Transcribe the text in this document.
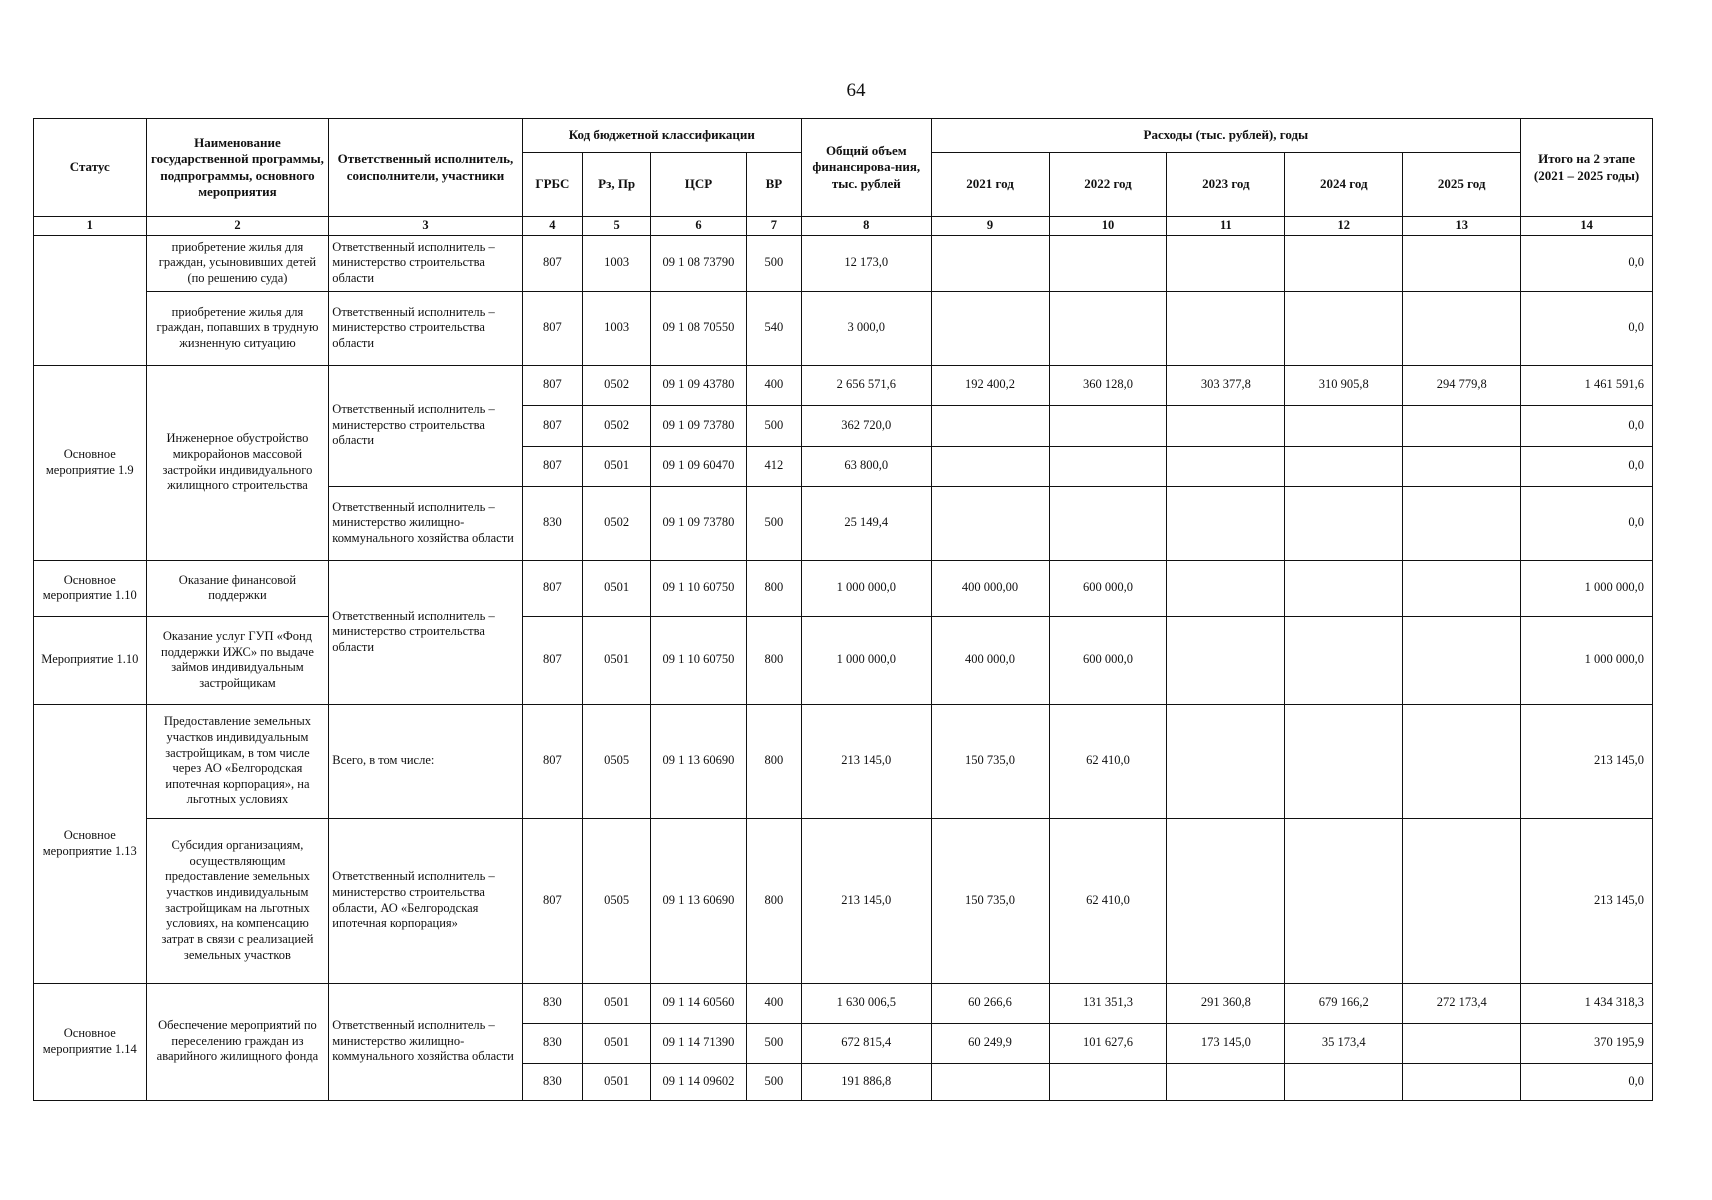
64
Статус	Наименование государственной программы, подпрограммы, основного мероприятия	Ответственный исполнитель, соисполнители, участники	Код бюджетной классификации				Общий объем финансирова-ния, тыс. рублей	Расходы (тыс. рублей), годы					Итого на 2 этапе (2021 – 2025 годы)
			ГРБС	Рз, Пр	ЦСР	ВР		2021 год	2022 год	2023 год	2024 год	2025 год	
1	2	3	4	5	6	7	8	9	10	11	12	13	14
	приобретение жилья для граждан, усыновивших детей (по решению суда)	Ответственный исполнитель – министерство строительства области	807	1003	09 1 08 73790	500	12 173,0						0,0
	приобретение жилья для граждан, попавших в трудную жизненную ситуацию	Ответственный исполнитель – министерство строительства области	807	1003	09 1 08 70550	540	3 000,0						0,0
Основное мероприятие 1.9	Инженерное обустройство микрорайонов массовой застройки индивидуального жилищного строительства	Ответственный исполнитель – министерство строительства области	807	0502	09 1 09 43780	400	2 656 571,6	192 400,2	360 128,0	303 377,8	310 905,8	294 779,8	1 461 591,6
			807	0502	09 1 09 73780	500	362 720,0						0,0
			807	0501	09 1 09 60470	412	63 800,0						0,0
		Ответственный исполнитель – министерство жилищно-коммунального хозяйства области	830	0502	09 1 09 73780	500	25 149,4						0,0
Основное мероприятие 1.10	Оказание финансовой поддержки	Ответственный исполнитель – министерство строительства области	807	0501	09 1 10 60750	800	1 000 000,0	400 000,00	600 000,0				1 000 000,0
Мероприятие 1.10	Оказание услуг ГУП «Фонд поддержки ИЖС» по выдаче займов индивидуальным застройщикам		807	0501	09 1 10 60750	800	1 000 000,0	400 000,0	600 000,0				1 000 000,0
Основное мероприятие 1.13	Предоставление земельных участков индивидуальным застройщикам, в том числе через АО «Белгородская ипотечная корпорация», на льготных условиях	Всего, в том числе:	807	0505	09 1 13 60690	800	213 145,0	150 735,0	62 410,0				213 145,0
	Субсидия организациям, осуществляющим предоставление земельных участков индивидуальным застройщикам на льготных условиях, на компенсацию затрат в связи с реализацией земельных участков	Ответственный исполнитель – министерство строительства области, АО «Белгородская ипотечная корпорация»	807	0505	09 1 13 60690	800	213 145,0	150 735,0	62 410,0				213 145,0
Основное мероприятие 1.14	Обеспечение мероприятий по переселению граждан из аварийного жилищного фонда	Ответственный исполнитель – министерство жилищно-коммунального хозяйства области	830	0501	09 1 14 60560	400	1 630 006,5	60 266,6	131 351,3	291 360,8	679 166,2	272 173,4	1 434 318,3
			830	0501	09 1 14 71390	500	672 815,4	60 249,9	101 627,6	173 145,0	35 173,4		370 195,9
			830	0501	09 1 14 09602	500	191 886,8						0,0
